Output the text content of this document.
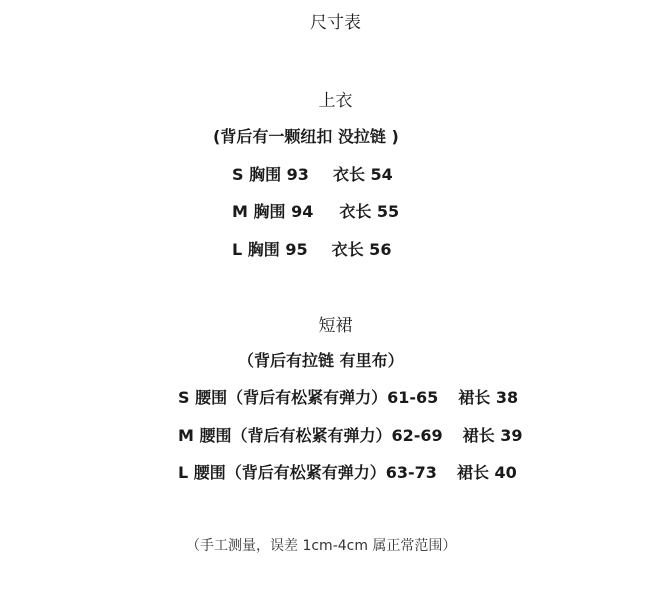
尺寸表
上衣
(背后有一颗纽扣 没拉链 )
S 胸围 93 衣长 54
M 胸围 94 衣长 55
L 胸围 95 衣长 56
短裙
（背后有拉链 有里布）
S 腰围（背后有松紧有弹力）61-65 裙长 38
M 腰围（背后有松紧有弹力）62-69 裙长 39
L 腰围（背后有松紧有弹力）63-73 裙长 40
（手工测量，误差 1cm-4cm 属正常范围）
